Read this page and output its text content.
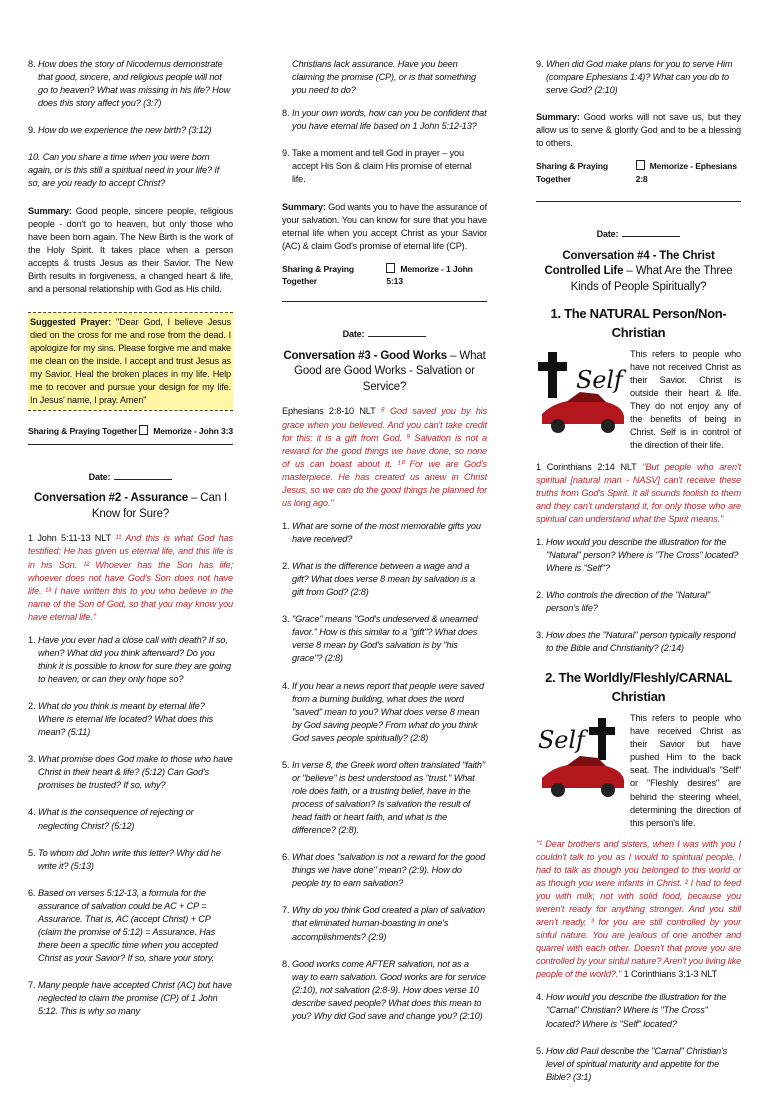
8. How does the story of Nicodemus demonstrate that good, sincere, and religious people will not go to heaven? What was missing in his life? How does this story affect you? (3:7)
9. How do we experience the new birth? (3:12)
10. Can you share a time when you were born again, or is this still a spiritual need in your life? If so, are you ready to accept Christ?

Summary: Good people, sincere people, religious people - don't go to heaven, but only those who have been born again. The New Birth is the work of the Holy Spirit. It takes place when a person accepts & trusts Jesus as their Savior. The New Birth results in forgiveness, a changed heart & life, and a personal relationship with God as His child.

Suggested Prayer: "Dear God, I believe Jesus died on the cross for me and rose from the dead. I apologize for my sins. Please forgive me and make me clean on the inside. I accept and trust Jesus as my Savior. Heal the broken places in my life. Help me to recover and pursue your design for my life. In Jesus' name, I pray. Amen"
Sharing & Praying Together	Memorize - John 3:3
Date:
Conversation #2 - Assurance – Can I Know for Sure?

1 John 5:11-13 NLT ¹¹ And this is what God has testified: He has given us eternal life, and this life is in his Son. ¹² Whoever has the Son has life; whoever does not have God's Son does not have life. ¹³ I have written this to you who believe in the name of the Son of God, so that you may know you have eternal life."

1. Have you ever had a close call with death? If so, when? What did you think afterward? Do you think it is possible to know for sure they are going to heaven, or can they only hope so?
2. What do you think is meant by eternal life? Where is eternal life located? What does this mean? (5:11)
3. What promise does God make to those who have Christ in their heart & life? (5:12) Can God's promises be trusted? If so, why?
4. What is the consequence of rejecting or neglecting Christ? (5:12)
5. To whom did John write this letter? Why did he write it? (5:13)
6. Based on verses 5:12-13, a formula for the assurance of salvation could be AC + CP = Assurance. That is, AC (accept Christ) + CP (claim the promise of 5:12) = Assurance. Has there been a specific time when you accepted Christ as your Savior? If so, share your story.
7. Many people have accepted Christ (AC) but have neglected to claim the promise (CP) of 1 John 5:12. This is why so many

Christians lack assurance. Have you been claiming the promise (CP), or is that something you need to do?

8. In your own words, how can you be confident that you have eternal life based on 1 John 5:12-13?
9. Take a moment and tell God in prayer – you accept His Son & claim His promise of eternal life.

Summary: God wants you to have the assurance of your salvation. You can know for sure that you have eternal life when you accept Christ as your Savior (AC) & claim God's promise of eternal life (CP).

Sharing & Praying Together
Memorize - 1 John 5:13
Date:
Conversation #3 - Good Works – What Good are Good Works - Salvation or Service?

Ephesians 2:8-10 NLT ⁸ God saved you by his grace when you believed. And you can't take credit for this; it is a gift from God. ⁹ Salvation is not a reward for the good things we have done, so none of us can boast about it. ¹⁰ For we are God's masterpiece. He has created us anew in Christ Jesus, so we can do the good things he planned for us long ago."

1. What are some of the most memorable gifts you have received?
2. What is the difference between a wage and a gift? What does verse 8 mean by salvation is a gift from God? (2:8)
3. "Grace" means "God's undeserved & unearned favor." How is this similar to a "gift"? What does verse 8 mean by God's salvation is by "his grace"? (2:8)
4. If you hear a news report that people were saved from a burning building, what does the word "saved" mean to you? What does verse 8 mean by God saving people? From what do you think God saves people spiritually? (2:8)
5. In verse 8, the Greek word often translated "faith" or "believe" is best understood as "trust." What role does faith, or a trusting belief, have in the process of salvation? Is salvation the result of head faith or heart faith, and what is the difference? (2:8).
6. What does "salvation is not a reward for the good things we have done" mean? (2:9). How do people try to earn salvation?
7. Why do you think God created a plan of salvation that eliminated human-boasting in one's accomplishments? (2:9)
8. Good works come AFTER salvation, not as a way to earn salvation. Good works are for service (2:10), not salvation (2:8-9). How does verse 10 describe saved people? What does this mean to you? Why did God save and change you? (2:10)
9. When did God make plans for you to serve Him (compare Ephesians 1:4)? What can you do to serve God? (2:10)

Summary: Good works will not save us, but they allow us to serve & glorify God and to be a blessing to others.

Sharing & Praying Together
Memorize - Ephesians 2:8
Date:
Conversation #4 - The Christ Controlled Life – What Are the Three Kinds of People Spiritually?
1. The NATURAL Person/Non-Christian
Self
This refers to people who have not received Christ as their Savior. Christ is outside their heart & life. They do not enjoy any of the benefits of being in Christ. Self is in control of the direction of their life.

1 Corinthians 2:14 NLT "But people who aren't spiritual [natural man - NASV] can't receive these truths from God's Spirit. It all sounds foolish to them and they can't understand it, for only those who are spiritual can understand what the Spirit means."

1. How would you describe the illustration for the "Natural" person? Where is "The Cross" located? Where is "Self"?
2. Who controls the direction of the "Natural" person's life?
3. How does the "Natural" person typically respond to the Bible and Christianity? (2:14)
2. The Worldly/Fleshly/CARNAL Christian
Self
This refers to people who have received Christ as their Savior but have pushed Him to the back seat. The individual's "Self" or "Fleshly desires" are behind the steering wheel, determining the direction of this person's life.

"¹ Dear brothers and sisters, when I was with you I couldn't talk to you as I would to spiritual people. I had to talk as though you belonged to this world or as though you were infants in Christ. ² I had to feed you with milk, not with solid food, because you weren't ready for anything stronger. And you still aren't ready, ³ for you are still controlled by your sinful nature. You are jealous of one another and quarrel with each other. Doesn't that prove you are controlled by your sinful nature? Aren't you living like people of the world?." 1 Corinthians 3:1-3 NLT

4. How would you describe the illustration for the "Carnal" Christian? Where is "The Cross" located? Where is "Self" located?
5. How did Paul describe the "Carnal" Christian's level of spiritual maturity and appetite for the Bible? (3:1)
